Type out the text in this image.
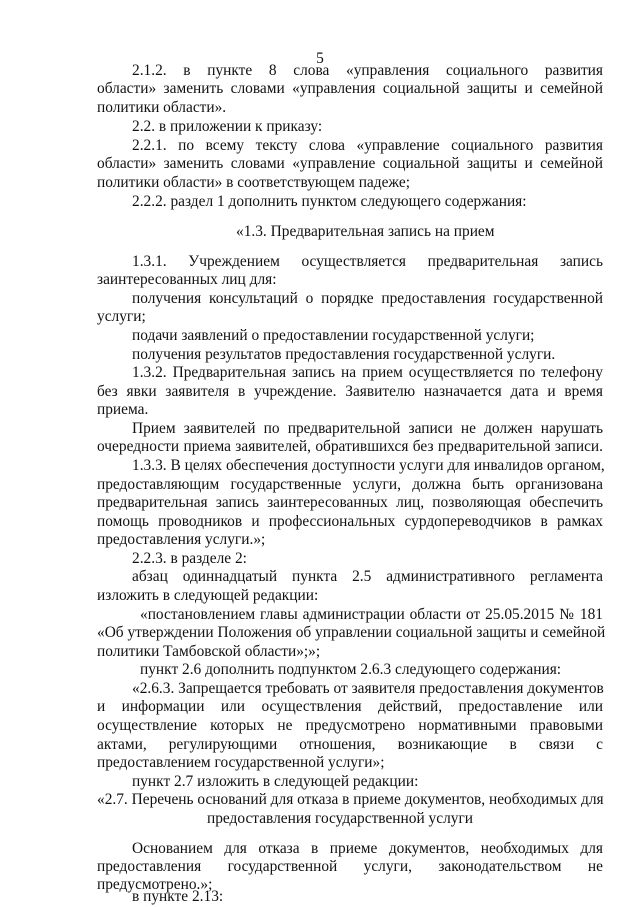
5
2.1.2. в пункте 8 слова «управления социального развития
области» заменить словами «управления социальной защиты и семейной
политики области».
2.2. в приложении к приказу:
2.2.1. по всему тексту слова «управление социального развития
области» заменить словами «управление социальной защиты и семейной
политики области» в соответствующем падеже;
2.2.2. раздел 1 дополнить пунктом следующего содержания:
«1.3. Предварительная запись на прием
1.3.1. Учреждением осуществляется предварительная запись
заинтересованных лиц для:
получения консультаций о порядке предоставления государственной
услуги;
подачи заявлений о предоставлении государственной услуги;
получения результатов предоставления государственной услуги.
1.3.2. Предварительная запись на прием осуществляется по телефону
без явки заявителя в учреждение. Заявителю назначается дата и время
приема.
Прием заявителей по предварительной записи не должен нарушать
очередности приема заявителей, обратившихся без предварительной записи.
1.3.3. В целях обеспечения доступности услуги для инвалидов органом,
предоставляющим государственные услуги, должна быть организована
предварительная запись заинтересованных лиц, позволяющая обеспечить
помощь проводников и профессиональных сурдопереводчиков в рамках
предоставления услуги.»;
2.2.3. в разделе 2:
абзац одиннадцатый пункта 2.5 административного регламента
изложить в следующей редакции:
«постановлением главы администрации области от 25.05.2015 № 181
«Об утверждении Положения об управлении социальной защиты и семейной
политики Тамбовской области»;»;
пункт 2.6 дополнить подпунктом 2.6.3 следующего содержания:
«2.6.3. Запрещается требовать от заявителя предоставления документов
и информации или осуществления действий, предоставление или
осуществление которых не предусмотрено нормативными правовыми
актами, регулирующими отношения, возникающие в связи с
предоставлением государственной услуги»;
пункт 2.7 изложить в следующей редакции:
«2.7. Перечень оснований для отказа в приеме документов, необходимых для
предоставления государственной услуги
Основанием для отказа в приеме документов, необходимых для
предоставления государственной услуги, законодательством не
предусмотрено.»;
в пункте 2.13:
